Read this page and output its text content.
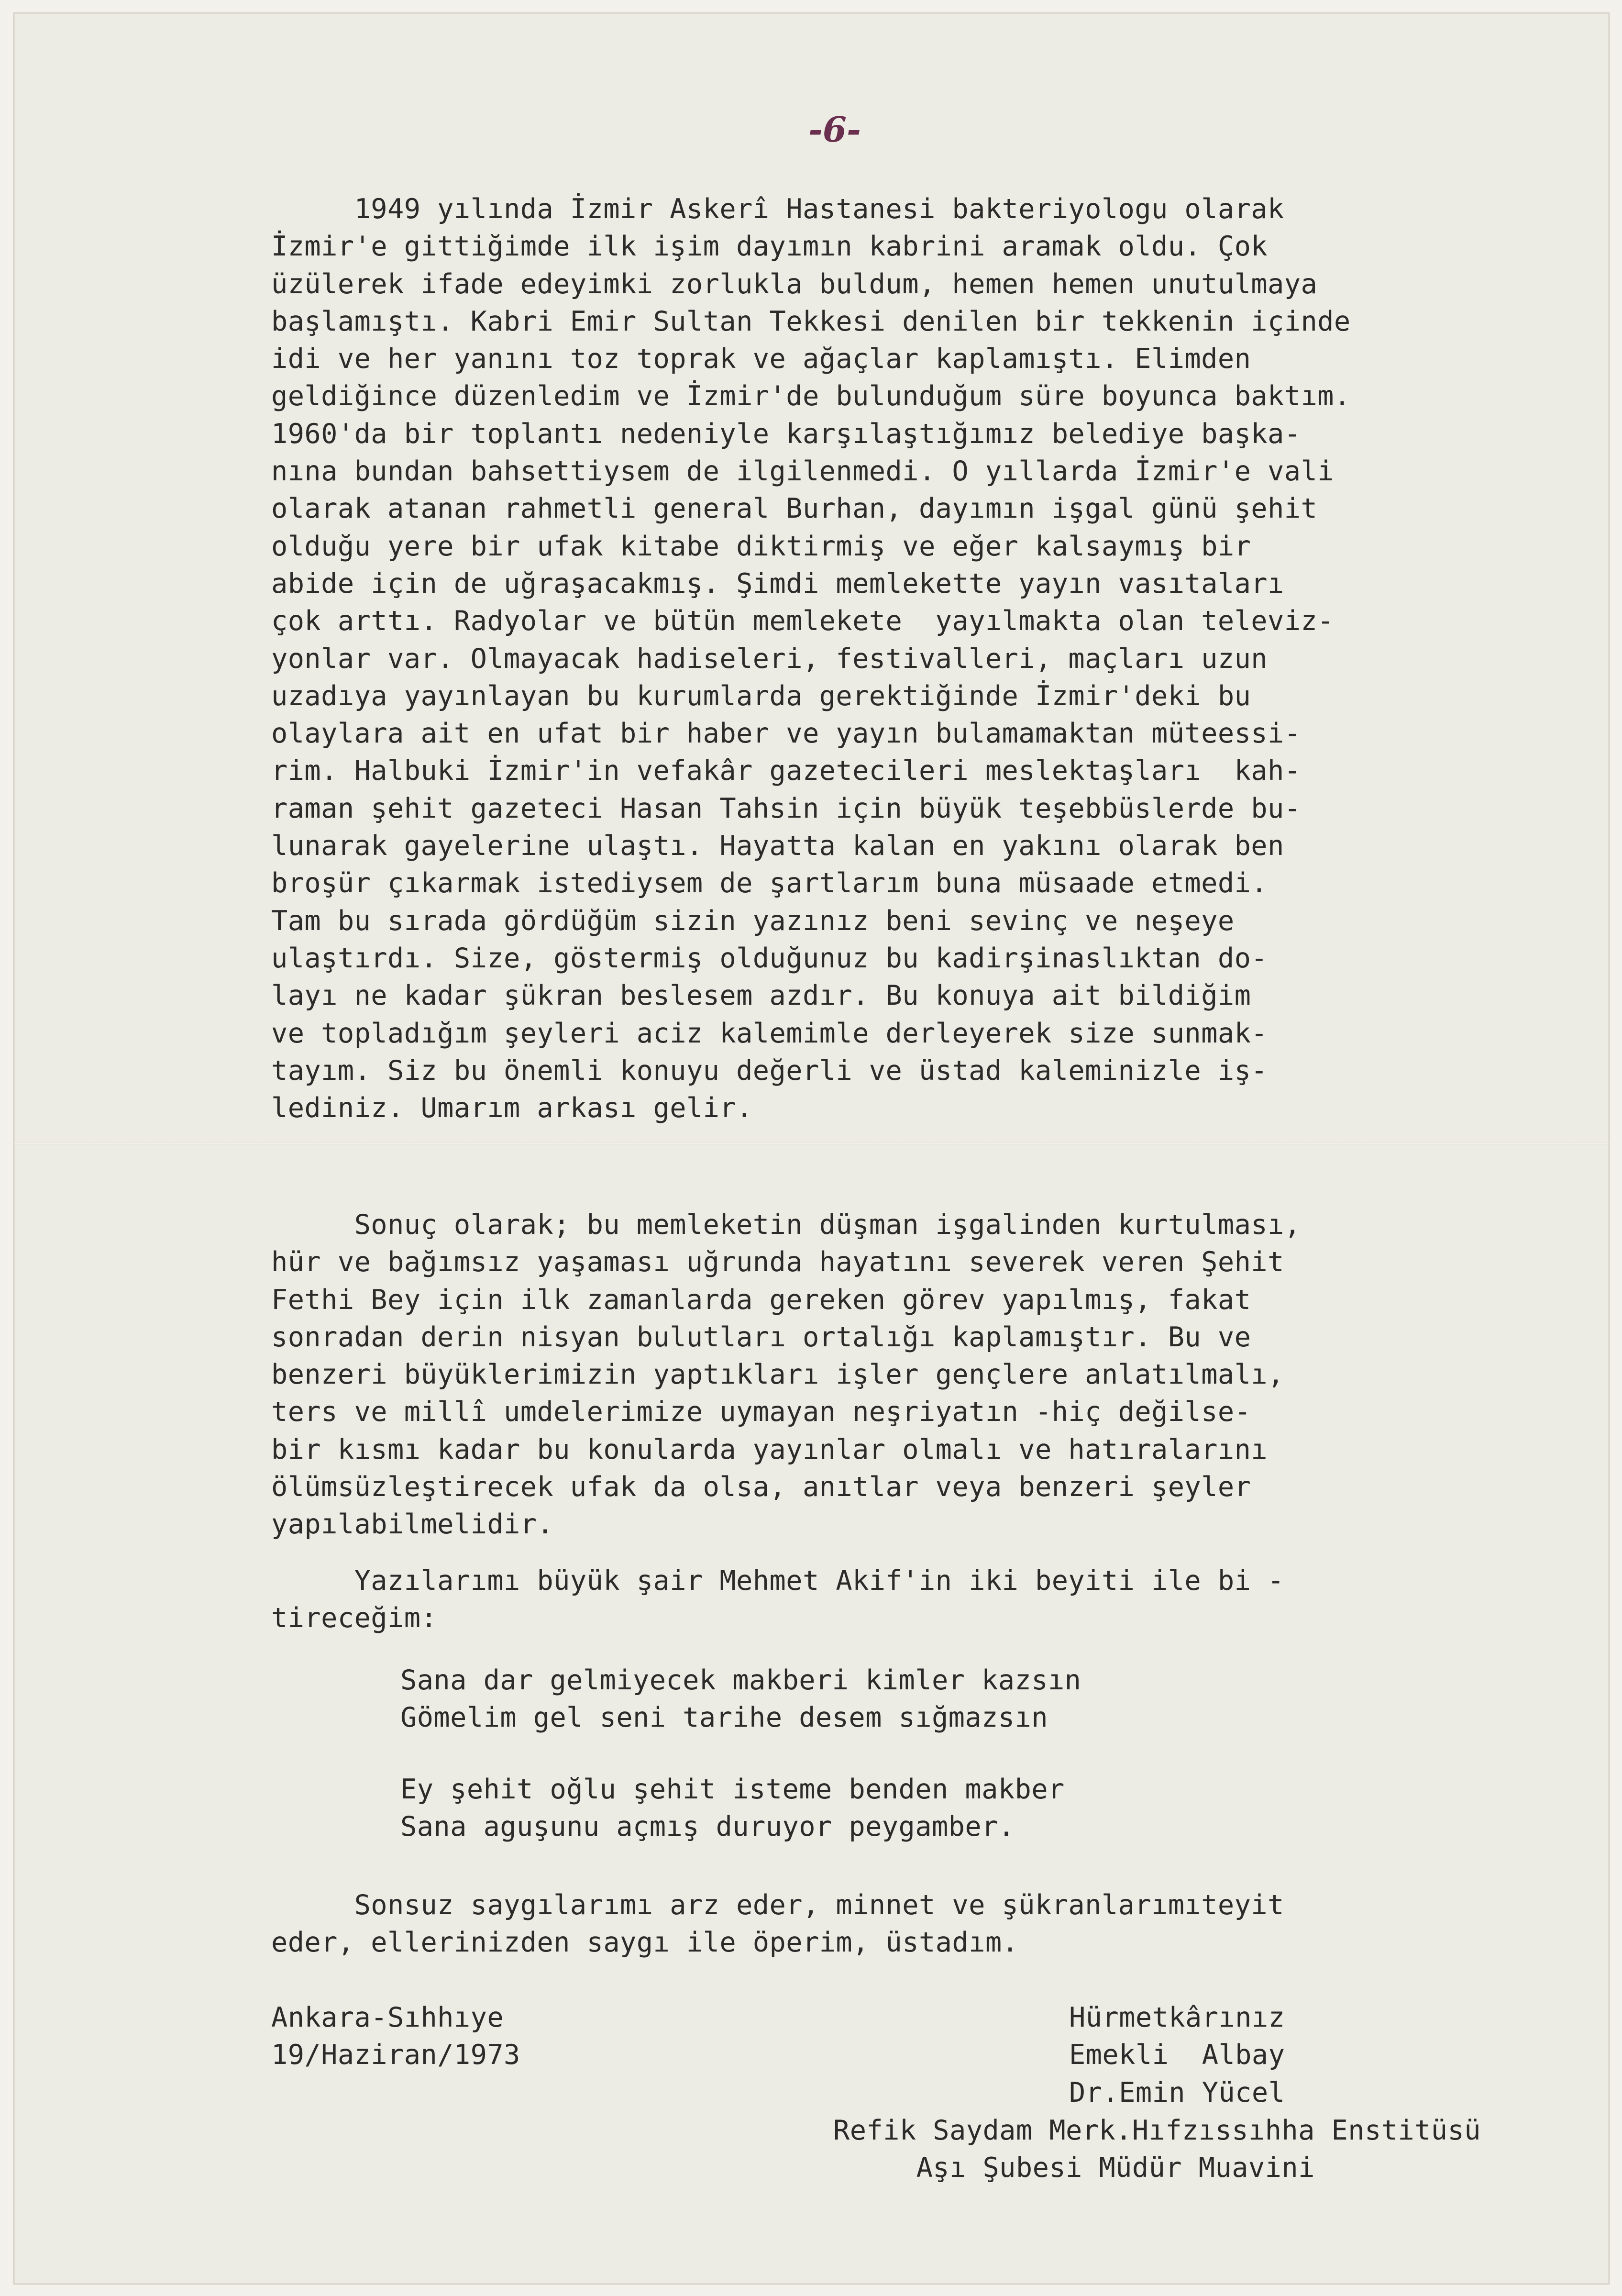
-6-
1949 yılında İzmir Askerî Hastanesi bakteriyologu olarak
İzmir'e gittiğimde ilk işim dayımın kabrini aramak oldu. Çok
üzülerek ifade edeyimki zorlukla buldum, hemen hemen unutulmaya
başlamıştı. Kabri Emir Sultan Tekkesi denilen bir tekkenin içinde
idi ve her yanını toz toprak ve ağaçlar kaplamıştı. Elimden
geldiğince düzenledim ve İzmir'de bulunduğum süre boyunca baktım.
1960'da bir toplantı nedeniyle karşılaştığımız belediye başka-
nına bundan bahsettiysem de ilgilenmedi. O yıllarda İzmir'e vali
olarak atanan rahmetli general Burhan, dayımın işgal günü şehit
olduğu yere bir ufak kitabe diktirmiş ve eğer kalsaymış bir
abide için de uğraşacakmış. Şimdi memlekette yayın vasıtaları
çok arttı. Radyolar ve bütün memlekete  yayılmakta olan televiz-
yonlar var. Olmayacak hadiseleri, festivalleri, maçları uzun
uzadıya yayınlayan bu kurumlarda gerektiğinde İzmir'deki bu
olaylara ait en ufat bir haber ve yayın bulamamaktan müteessi-
rim. Halbuki İzmir'in vefakâr gazetecileri meslektaşları  kah-
raman şehit gazeteci Hasan Tahsin için büyük teşebbüslerde bu-
lunarak gayelerine ulaştı. Hayatta kalan en yakını olarak ben
broşür çıkarmak istediysem de şartlarım buna müsaade etmedi.
Tam bu sırada gördüğüm sizin yazınız beni sevinç ve neşeye
ulaştırdı. Size, göstermiş olduğunuz bu kadirşinaslıktan do-
layı ne kadar şükran beslesem azdır. Bu konuya ait bildiğim
ve topladığım şeyleri aciz kalemimle derleyerek size sunmak-
tayım. Siz bu önemli konuyu değerli ve üstad kaleminizle iş-
lediniz. Umarım arkası gelir.
Sonuç olarak; bu memleketin düşman işgalinden kurtulması,
hür ve bağımsız yaşaması uğrunda hayatını severek veren Şehit
Fethi Bey için ilk zamanlarda gereken görev yapılmış, fakat
sonradan derin nisyan bulutları ortalığı kaplamıştır. Bu ve
benzeri büyüklerimizin yaptıkları işler gençlere anlatılmalı,
ters ve millî umdelerimize uymayan neşriyatın -hiç değilse-
bir kısmı kadar bu konularda yayınlar olmalı ve hatıralarını
ölümsüzleştirecek ufak da olsa, anıtlar veya benzeri şeyler
yapılabilmelidir.
Yazılarımı büyük şair Mehmet Akif'in iki beyiti ile bi -
tireceğim:
Sana dar gelmiyecek makberi kimler kazsın
Gömelim gel seni tarihe desem sığmazsın
Ey şehit oğlu şehit isteme benden makber
Sana aguşunu açmış duruyor peygamber.
Sonsuz saygılarımı arz eder, minnet ve şükranlarımıteyit
eder, ellerinizden saygı ile öperim, üstadım.
Ankara-Sıhhıye
19/Haziran/1973
Hürmetkârınız
Emekli  Albay
Dr.Emin Yücel
Refik Saydam Merk.Hıfzıssıhha Enstitüsü
Aşı Şubesi Müdür Muavini
